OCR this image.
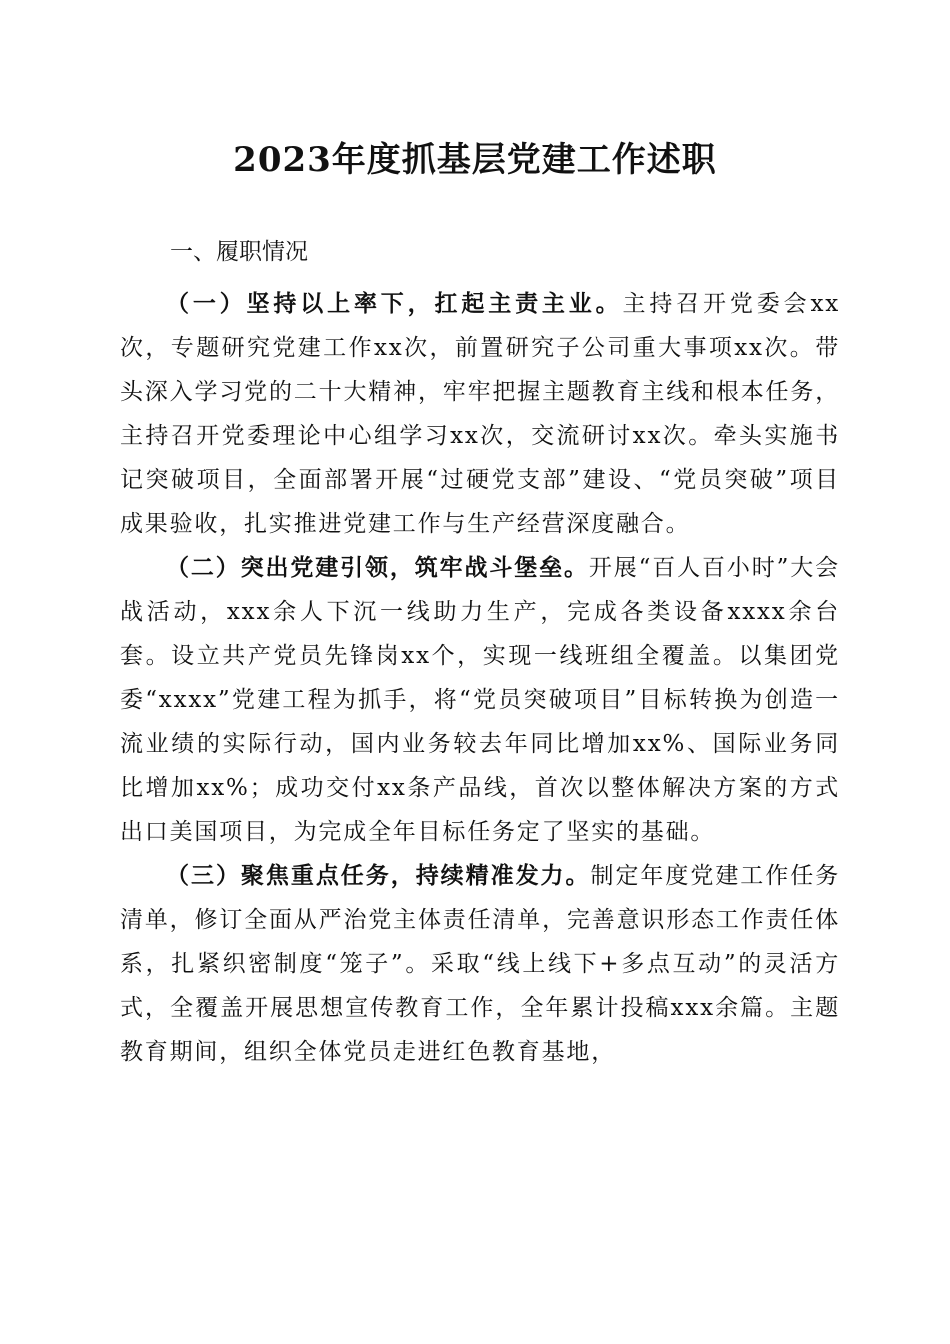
2023年度抓基层党建工作述职
一、履职情况

（一）坚持以上率下，扛起主责主业。主持召开党委会xx次，专题研究党建工作xx次，前置研究子公司重大事项xx次。带头深入学习党的二十大精神，牢牢把握主题教育主线和根本任务，主持召开党委理论中心组学习xx次，交流研讨xx次。牵头实施书记突破项目，全面部署开展“过硬党支部”建设、“党员突破”项目成果验收，扎实推进党建工作与生产经营深度融合。

（二）突出党建引领，筑牢战斗堡垒。开展“百人百小时”大会战活动，xxx余人下沉一线助力生产，完成各类设备xxxx余台套。设立共产党员先锋岗xx个，实现一线班组全覆盖。以集团党委“xxxx”党建工程为抓手，将“党员突破项目”目标转换为创造一流业绩的实际行动，国内业务较去年同比增加xx%、国际业务同比增加xx%；成功交付xx条产品线，首次以整体解决方案的方式出口美国项目，为完成全年目标任务定了坚实的基础。

（三）聚焦重点任务，持续精准发力。制定年度党建工作任务清单，修订全面从严治党主体责任清单，完善意识形态工作责任体系，扎紧织密制度“笼子”。采取“线上线下+多点互动”的灵活方式，全覆盖开展思想宣传教育工作，全年累计投稿xxx余篇。主题教育期间，组织全体党员走进红色教育基地，
